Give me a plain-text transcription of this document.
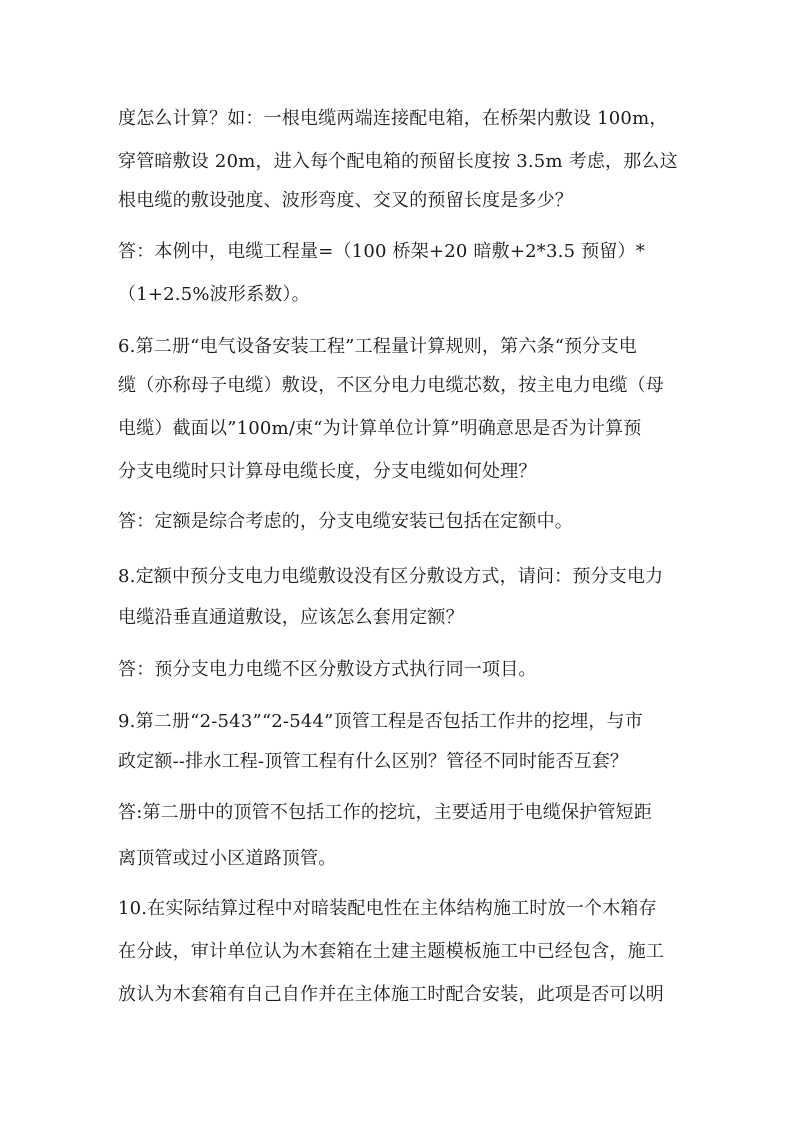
度怎么计算？如：一根电缆两端连接配电箱，在桥架内敷设 100m，
穿管暗敷设 20m，进入每个配电箱的预留长度按 3.5m 考虑，那么这
根电缆的敷设弛度、波形弯度、交叉的预留长度是多少？
答：本例中，电缆工程量=（100 桥架+20 暗敷+2*3.5 预留）*
（1+2.5%波形系数）。
6.第二册“电气设备安装工程”工程量计算规则，第六条“预分支电
缆（亦称母子电缆）敷设，不区分电力电缆芯数，按主电力电缆（母
电缆）截面以”100m/束“为计算单位计算”明确意思是否为计算预
分支电缆时只计算母电缆长度，分支电缆如何处理？
答：定额是综合考虑的，分支电缆安装已包括在定额中。
8.定额中预分支电力电缆敷设没有区分敷设方式，请问：预分支电力
电缆沿垂直通道敷设，应该怎么套用定额？
答：预分支电力电缆不区分敷设方式执行同一项目。
9.第二册“2-543”“2-544”顶管工程是否包括工作井的挖埋，与市
政定额--排水工程-顶管工程有什么区别？管径不同时能否互套？
答:第二册中的顶管不包括工作的挖坑，主要适用于电缆保护管短距
离顶管或过小区道路顶管。
10.在实际结算过程中对暗装配电性在主体结构施工时放一个木箱存
在分歧，审计单位认为木套箱在土建主题模板施工中已经包含，施工
放认为木套箱有自己自作并在主体施工时配合安装，此项是否可以明
